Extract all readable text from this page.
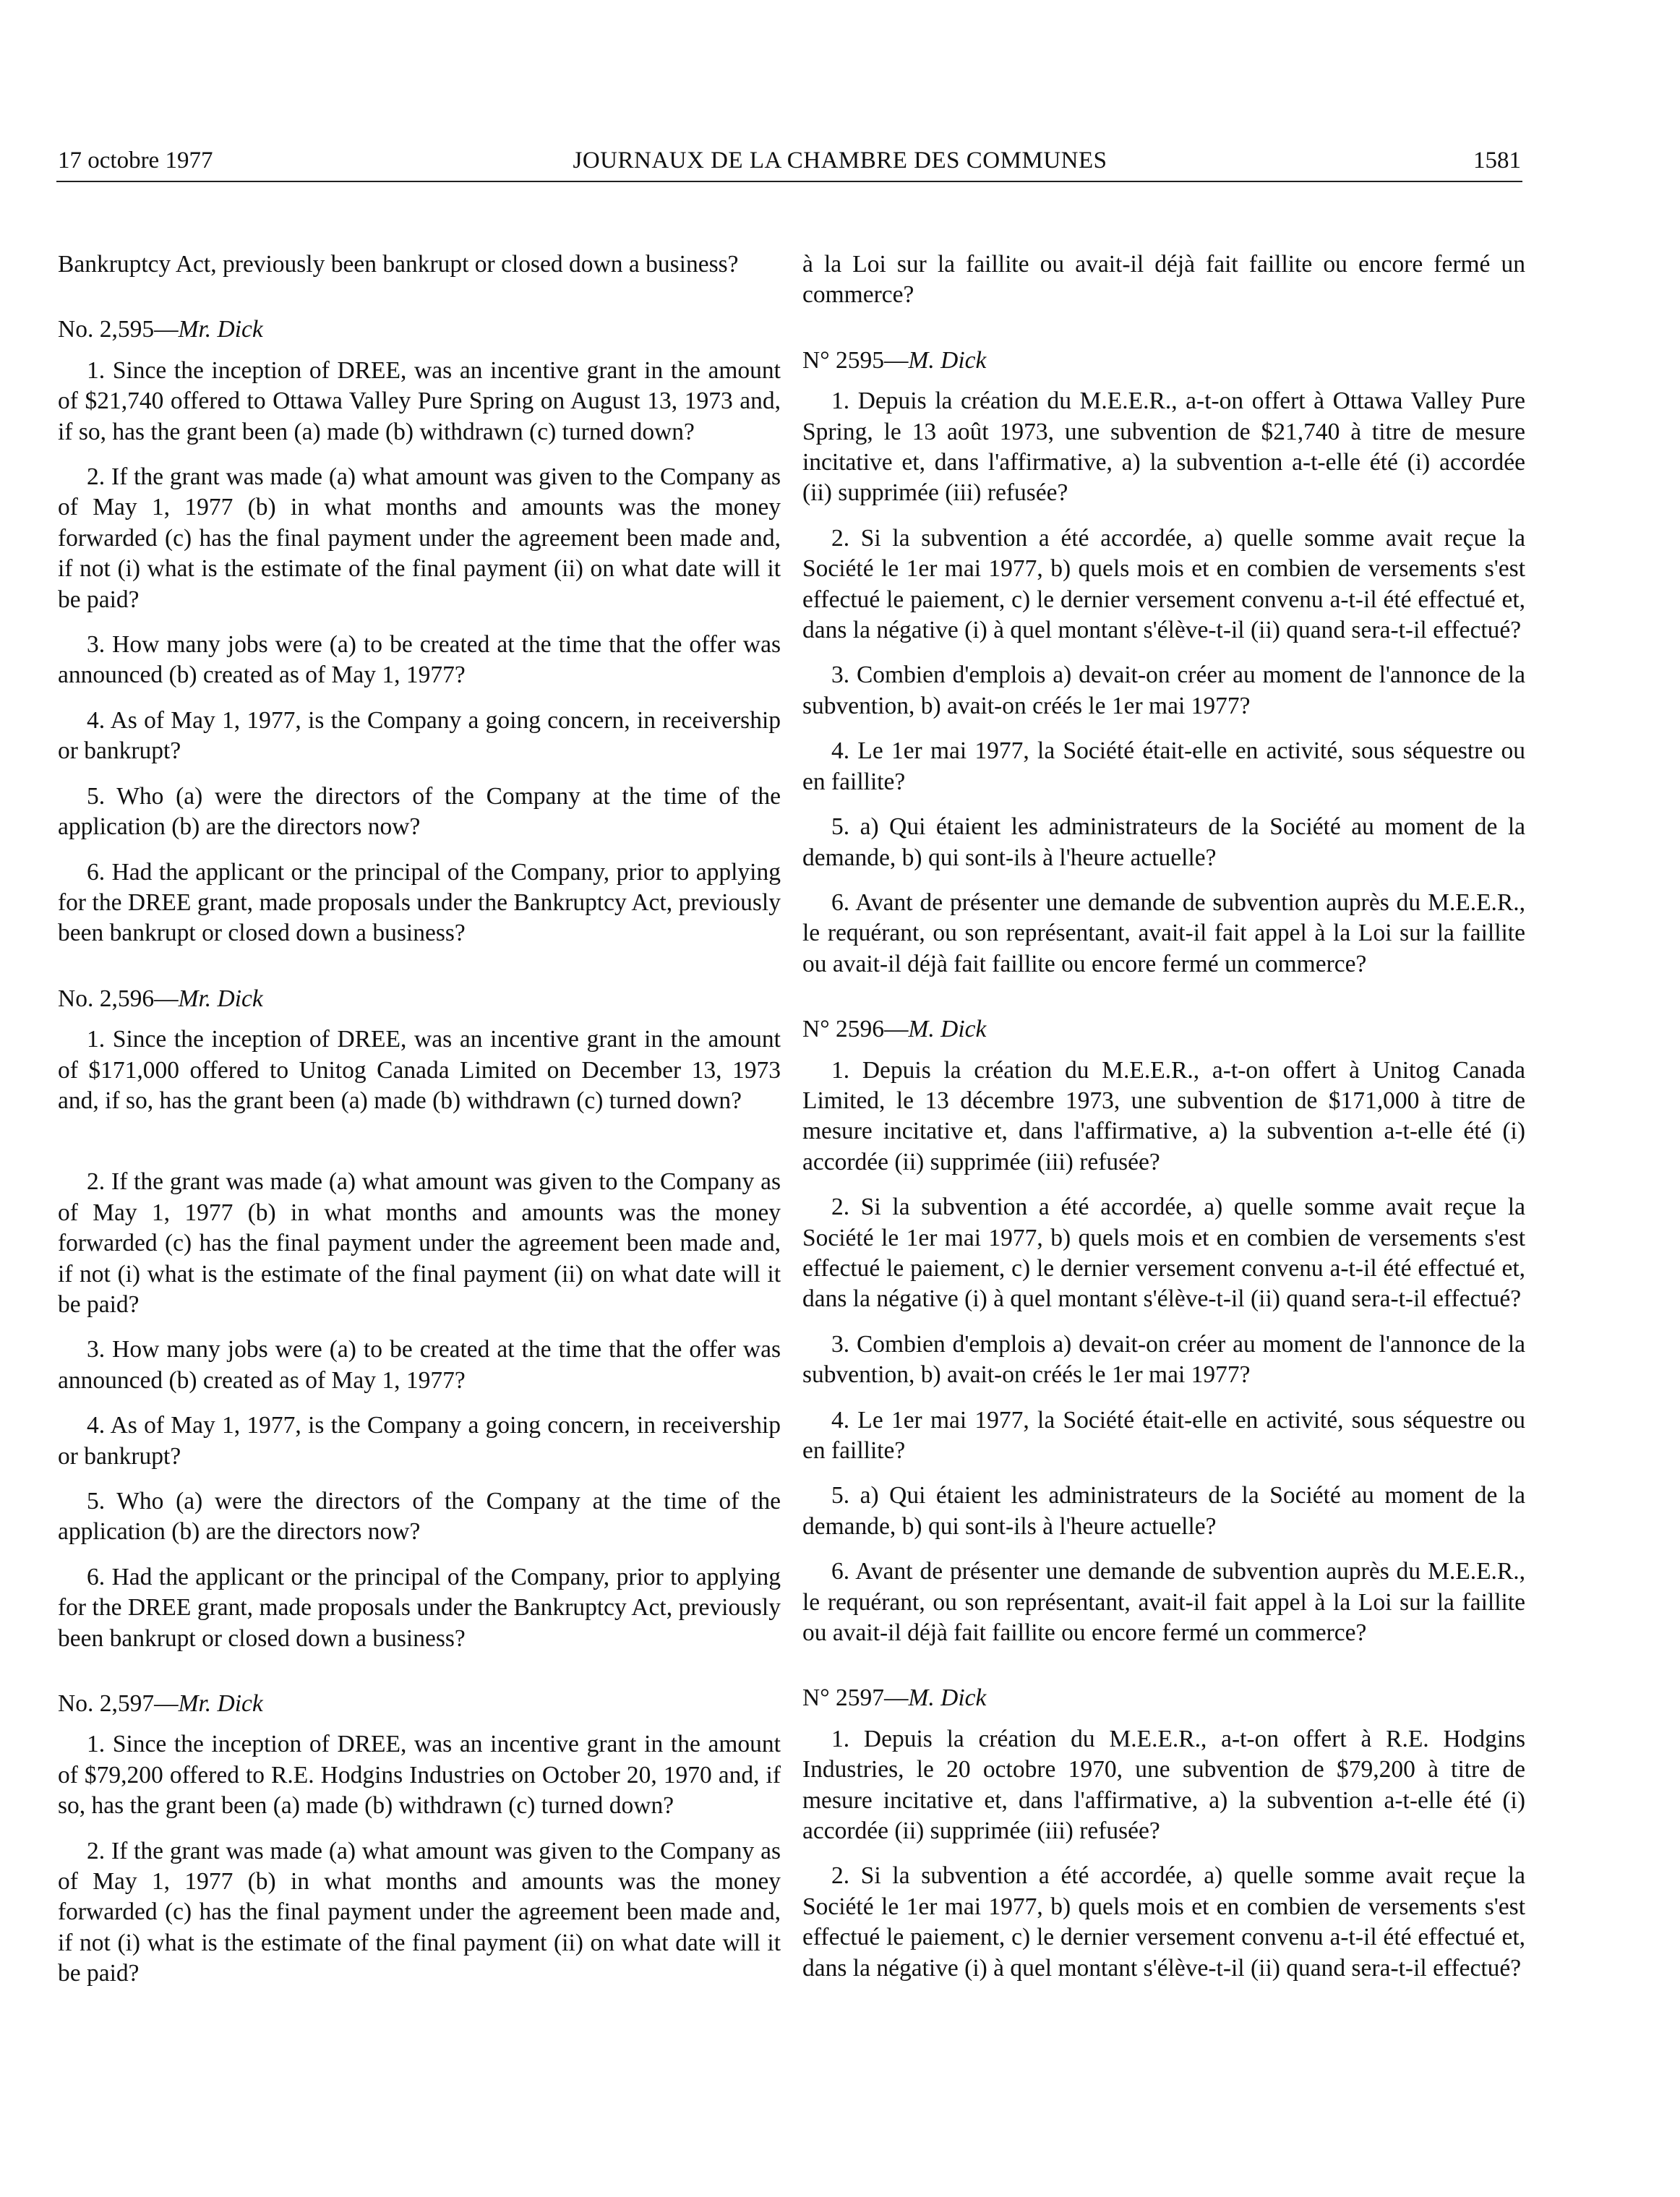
JOURNAUX DE LA CHAMBRE DES COMMUNES
17 octobre 1977	1581

Bankruptcy Act, previously been bankrupt or closed down a business?

No. 2,595—Mr. Dick

1. Since the inception of DREE, was an incentive grant in the amount of $21,740 offered to Ottawa Valley Pure Spring on August 13, 1973 and, if so, has the grant been (a) made (b) withdrawn (c) turned down?

2. If the grant was made (a) what amount was given to the Company as of May 1, 1977 (b) in what months and amounts was the money forwarded (c) has the final payment under the agreement been made and, if not (i) what is the estimate of the final payment (ii) on what date will it be paid?

3. How many jobs were (a) to be created at the time that the offer was announced (b) created as of May 1, 1977?

4. As of May 1, 1977, is the Company a going concern, in receivership or bankrupt?

5. Who (a) were the directors of the Company at the time of the application (b) are the directors now?

6. Had the applicant or the principal of the Company, prior to applying for the DREE grant, made proposals under the Bankruptcy Act, previously been bankrupt or closed down a business?

No. 2,596—Mr. Dick

1. Since the inception of DREE, was an incentive grant in the amount of $171,000 offered to Unitog Canada Limited on December 13, 1973 and, if so, has the grant been (a) made (b) withdrawn (c) turned down?

2. If the grant was made (a) what amount was given to the Company as of May 1, 1977 (b) in what months and amounts was the money forwarded (c) has the final payment under the agreement been made and, if not (i) what is the estimate of the final payment (ii) on what date will it be paid?

3. How many jobs were (a) to be created at the time that the offer was announced (b) created as of May 1, 1977?

4. As of May 1, 1977, is the Company a going concern, in receivership or bankrupt?

5. Who (a) were the directors of the Company at the time of the application (b) are the directors now?

6. Had the applicant or the principal of the Company, prior to applying for the DREE grant, made proposals under the Bankruptcy Act, previously been bankrupt or closed down a business?

No. 2,597—Mr. Dick

1. Since the inception of DREE, was an incentive grant in the amount of $79,200 offered to R.E. Hodgins Industries on October 20, 1970 and, if so, has the grant been (a) made (b) withdrawn (c) turned down?

2. If the grant was made (a) what amount was given to the Company as of May 1, 1977 (b) in what months and amounts was the money forwarded (c) has the final payment under the agreement been made and, if not (i) what is the estimate of the final payment (ii) on what date will it be paid?

à la Loi sur la faillite ou avait-il déjà fait faillite ou encore fermé un commerce?

N° 2595—M. Dick

1. Depuis la création du M.E.E.R., a-t-on offert à Ottawa Valley Pure Spring, le 13 août 1973, une subvention de $21,740 à titre de mesure incitative et, dans l'affirmative, a) la subvention a-t-elle été (i) accordée (ii) supprimée (iii) refusée?

2. Si la subvention a été accordée, a) quelle somme avait reçue la Société le 1er mai 1977, b) quels mois et en combien de versements s'est effectué le paiement, c) le dernier versement convenu a-t-il été effectué et, dans la négative (i) à quel montant s'élève-t-il (ii) quand sera-t-il effectué?

3. Combien d'emplois a) devait-on créer au moment de l'annonce de la subvention, b) avait-on créés le 1er mai 1977?

4. Le 1er mai 1977, la Société était-elle en activité, sous séquestre ou en faillite?

5. a) Qui étaient les administrateurs de la Société au moment de la demande, b) qui sont-ils à l'heure actuelle?

6. Avant de présenter une demande de subvention auprès du M.E.E.R., le requérant, ou son représentant, avait-il fait appel à la Loi sur la faillite ou avait-il déjà fait faillite ou encore fermé un commerce?

N° 2596—M. Dick

1. Depuis la création du M.E.E.R., a-t-on offert à Unitog Canada Limited, le 13 décembre 1973, une subvention de $171,000 à titre de mesure incitative et, dans l'affirmative, a) la subvention a-t-elle été (i) accordée (ii) supprimée (iii) refusée?

2. Si la subvention a été accordée, a) quelle somme avait reçue la Société le 1er mai 1977, b) quels mois et en combien de versements s'est effectué le paiement, c) le dernier versement convenu a-t-il été effectué et, dans la négative (i) à quel montant s'élève-t-il (ii) quand sera-t-il effectué?

3. Combien d'emplois a) devait-on créer au moment de l'annonce de la subvention, b) avait-on créés le 1er mai 1977?

4. Le 1er mai 1977, la Société était-elle en activité, sous séquestre ou en faillite?

5. a) Qui étaient les administrateurs de la Société au moment de la demande, b) qui sont-ils à l'heure actuelle?

6. Avant de présenter une demande de subvention auprès du M.E.E.R., le requérant, ou son représentant, avait-il fait appel à la Loi sur la faillite ou avait-il déjà fait faillite ou encore fermé un commerce?

N° 2597—M. Dick

1. Depuis la création du M.E.E.R., a-t-on offert à R.E. Hodgins Industries, le 20 octobre 1970, une subvention de $79,200 à titre de mesure incitative et, dans l'affirmative, a) la subvention a-t-elle été (i) accordée (ii) supprimée (iii) refusée?

2. Si la subvention a été accordée, a) quelle somme avait reçue la Société le 1er mai 1977, b) quels mois et en combien de versements s'est effectué le paiement, c) le dernier versement convenu a-t-il été effectué et, dans la négative (i) à quel montant s'élève-t-il (ii) quand sera-t-il effectué?
